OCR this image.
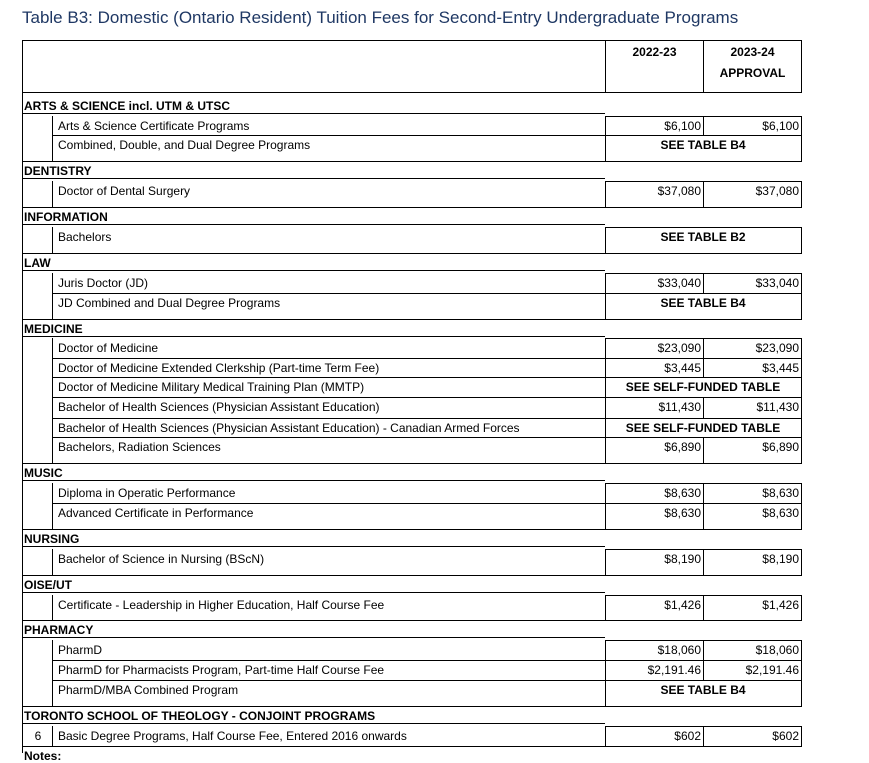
Table B3: Domestic (Ontario Resident) Tuition Fees for Second-Entry Undergraduate Programs
2022-23	2023-24
APPROVAL
ARTS & SCIENCE incl. UTM & UTSC
Arts & Science Certificate Programs	$6,100	$6,100
Combined, Double, and Dual Degree Programs	SEE TABLE B4
DENTISTRY
Doctor of Dental Surgery	$37,080	$37,080
INFORMATION
Bachelors	SEE TABLE B2
LAW
Juris Doctor (JD)	$33,040	$33,040
JD Combined and Dual Degree Programs	SEE TABLE B4
MEDICINE
Doctor of Medicine	$23,090	$23,090
Doctor of Medicine Extended Clerkship (Part-time Term Fee)	$3,445	$3,445
Doctor of Medicine Military Medical Training Plan (MMTP)	SEE SELF-FUNDED TABLE
Bachelor of Health Sciences (Physician Assistant Education)	$11,430	$11,430
Bachelor of Health Sciences (Physician Assistant Education) - Canadian Armed Forces	SEE SELF-FUNDED TABLE
Bachelors, Radiation Sciences	$6,890	$6,890
MUSIC
Diploma in Operatic Performance	$8,630	$8,630
Advanced Certificate in Performance	$8,630	$8,630
NURSING
Bachelor of Science in Nursing (BScN)	$8,190	$8,190
OISE/UT
Certificate - Leadership in Higher Education, Half Course Fee	$1,426	$1,426
PHARMACY
PharmD	$18,060	$18,060
PharmD for Pharmacists Program, Part-time Half Course Fee	$2,191.46	$2,191.46
PharmD/MBA Combined Program	SEE TABLE B4
TORONTO SCHOOL OF THEOLOGY - CONJOINT PROGRAMS
6	Basic Degree Programs, Half Course Fee, Entered 2016 onwards	$602	$602
Notes:
